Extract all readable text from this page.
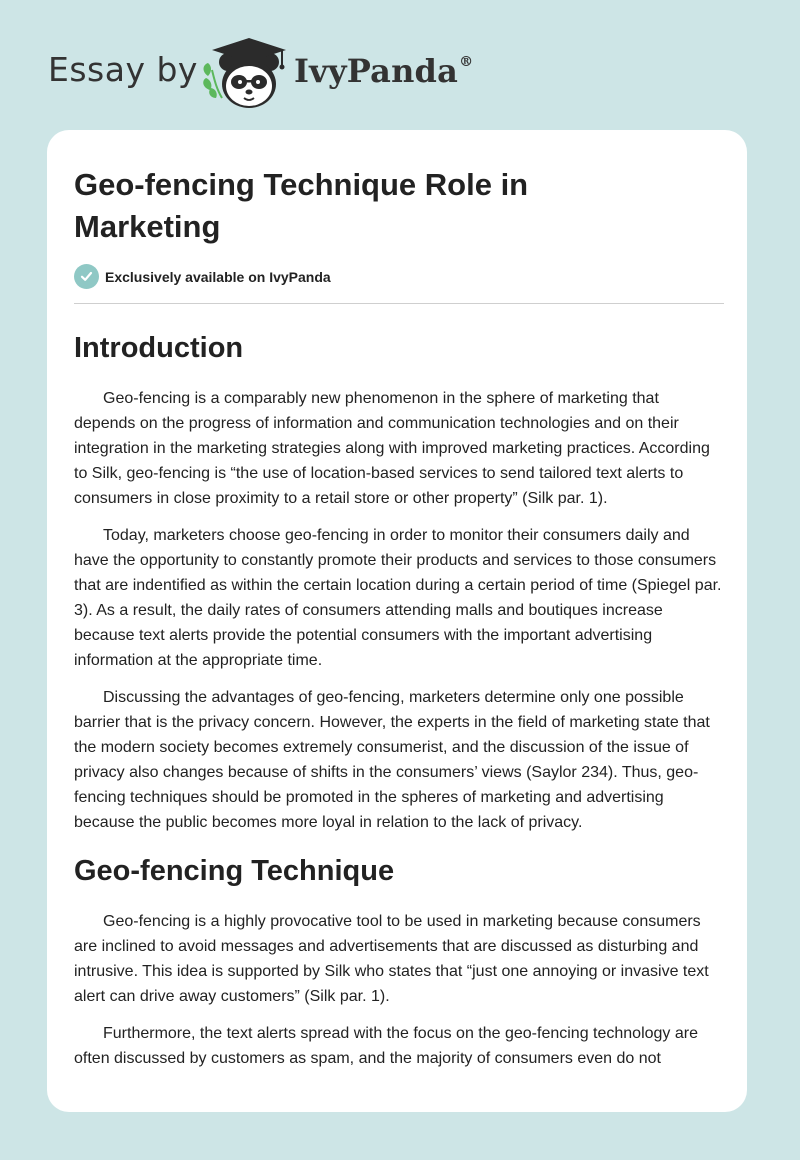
Essay by	IvyPanda®
Geo-fencing Technique Role in Marketing
Exclusively available on IvyPanda
Introduction

Geo-fencing is a comparably new phenomenon in the sphere of marketing that depends on the progress of information and communication technologies and on their integration in the marketing strategies along with improved marketing practices. According to Silk, geo-fencing is “the use of location-based services to send tailored text alerts to consumers in close proximity to a retail store or other property” (Silk par. 1).

Today, marketers choose geo-fencing in order to monitor their consumers daily and have the opportunity to constantly promote their products and services to those consumers that are indentified as within the certain location during a certain period of time (Spiegel par. 3). As a result, the daily rates of consumers attending malls and boutiques increase because text alerts provide the potential consumers with the important advertising information at the appropriate time.

Discussing the advantages of geo-fencing, marketers determine only one possible barrier that is the privacy concern. However, the experts in the field of marketing state that the modern society becomes extremely consumerist, and the discussion of the issue of privacy also changes because of shifts in the consumers’ views (Saylor 234). Thus, geo-fencing techniques should be promoted in the spheres of marketing and advertising because the public becomes more loyal in relation to the lack of privacy.

Geo-fencing Technique

Geo-fencing is a highly provocative tool to be used in marketing because consumers are inclined to avoid messages and advertisements that are discussed as disturbing and intrusive. This idea is supported by Silk who states that “just one annoying or invasive text alert can drive away customers” (Silk par. 1).

Furthermore, the text alerts spread with the focus on the geo-fencing technology are often discussed by customers as spam, and the majority of consumers even do not
